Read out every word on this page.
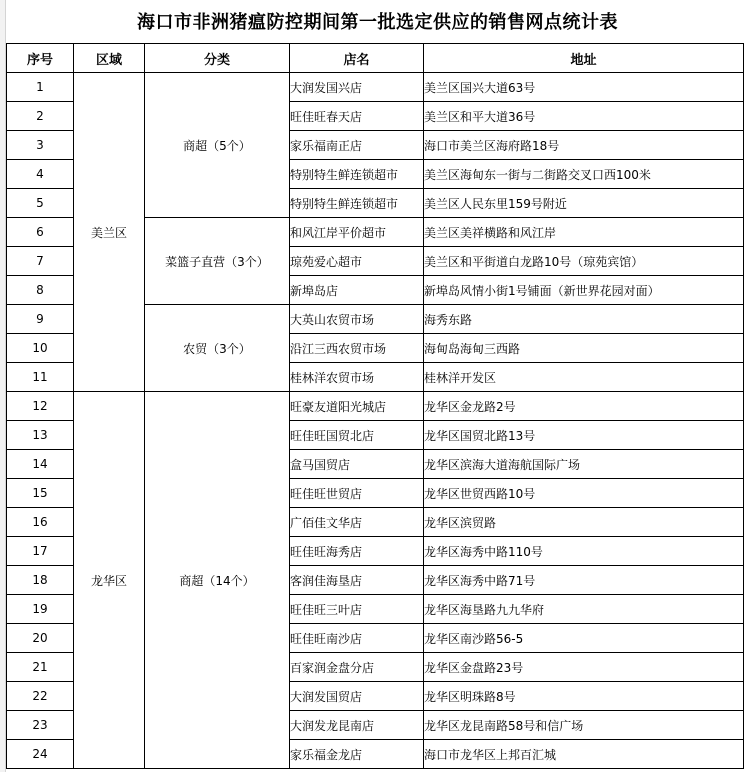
海口市非洲猪瘟防控期间第一批选定供应的销售网点统计表
序号	区域	分类	店名	地址
1	美兰区	商超（5个）	大润发国兴店	美兰区国兴大道63号
2			旺佳旺春天店	美兰区和平大道36号
3			家乐福南正店	海口市美兰区海府路18号
4			特别特生鲜连锁超市	美兰区海甸东一街与二街路交叉口西100米
5			特别特生鲜连锁超市	美兰区人民东里159号附近
6		菜篮子直营（3个）	和风江岸平价超市	美兰区美祥横路和风江岸
7			琼苑爱心超市	美兰区和平街道白龙路10号（琼苑宾馆）
8			新埠岛店	新埠岛风情小街1号铺面（新世界花园对面）
9		农贸（3个）	大英山农贸市场	海秀东路
10			沿江三西农贸市场	海甸岛海甸三西路
11			桂林洋农贸市场	桂林洋开发区
12	龙华区	商超（14个）	旺豪友道阳光城店	龙华区金龙路2号
13			旺佳旺国贸北店	龙华区国贸北路13号
14			盒马国贸店	龙华区滨海大道海航国际广场
15			旺佳旺世贸店	龙华区世贸西路10号
16			广佰佳文华店	龙华区滨贸路
17			旺佳旺海秀店	龙华区海秀中路110号
18			客润佳海垦店	龙华区海秀中路71号
19			旺佳旺三叶店	龙华区海垦路九九华府
20			旺佳旺南沙店	龙华区南沙路56-5
21			百家润金盘分店	龙华区金盘路23号
22			大润发国贸店	龙华区明珠路8号
23			大润发龙昆南店	龙华区龙昆南路58号和信广场
24			家乐福金龙店	海口市龙华区上邦百汇城
